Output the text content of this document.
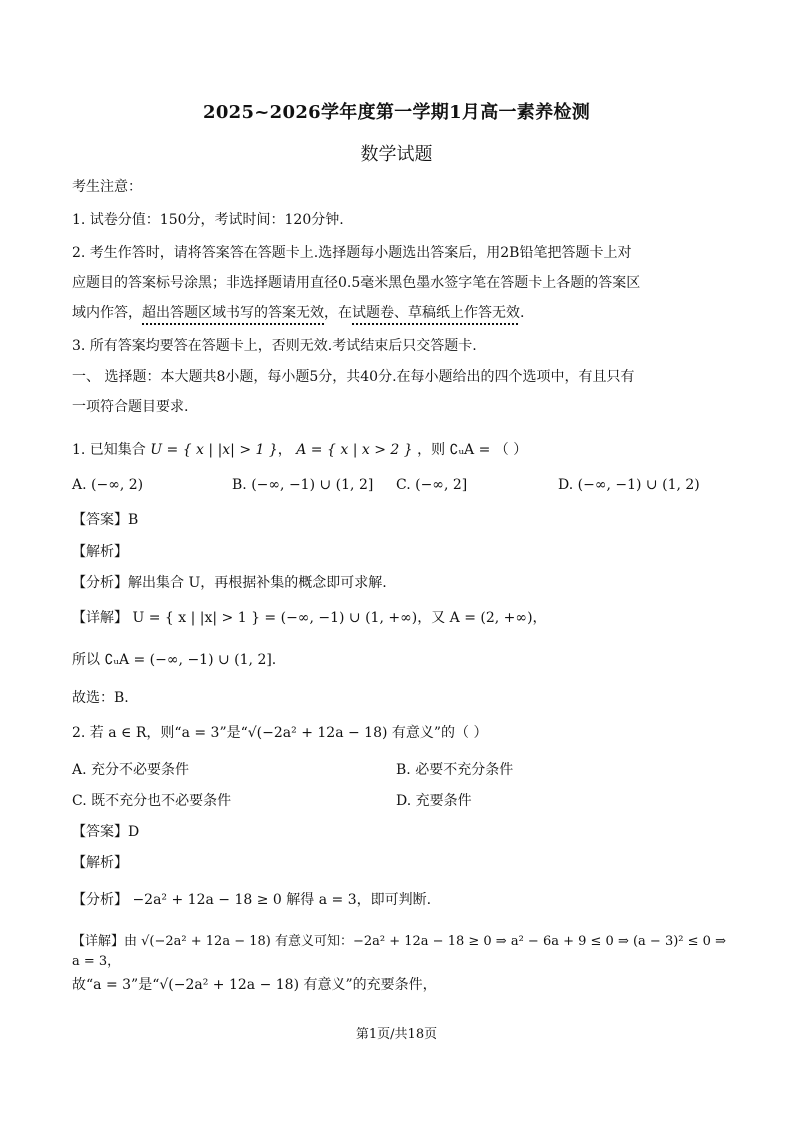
2025~2026学年度第一学期1月高一素养检测
数学试题
考生注意：
1. 试卷分值：150分，考试时间：120分钟.
2. 考生作答时，请将答案答在答题卡上.选择题每小题选出答案后，用2B铅笔把答题卡上对
应题目的答案标号涂黑；非选择题请用直径0.5毫米黑色墨水签字笔在答题卡上各题的答案区
域内作答，超出答题区域书写的答案无效，在试题卷、草稿纸上作答无效.
3. 所有答案均要答在答题卡上，否则无效.考试结束后只交答题卡.
一、 选择题：本大题共8小题，每小题5分，共40分.在每小题给出的四个选项中，有且只有
一项符合题目要求.
1. 已知集合 U = { x | |x| > 1 }， A = { x | x > 2 } ，则 ∁ᵤA = （ ）
A. (−∞, 2)	B. (−∞, −1) ∪ (1, 2] C. (−∞, 2]	D. (−∞, −1) ∪ (1, 2)
【答案】B
【解析】
【分析】解出集合 U，再根据补集的概念即可求解.
【详解】 U = { x | |x| > 1 } = (−∞, −1) ∪ (1, +∞)，又 A = (2, +∞)，
所以 ∁ᵤA = (−∞, −1) ∪ (1, 2].
故选：B.
2. 若 a ∈ R，则“a = 3”是“√(−2a² + 12a − 18) 有意义”的（ ）
A. 充分不必要条件	B. 必要不充分条件
C. 既不充分也不必要条件	D. 充要条件
【答案】D
【解析】
【分析】 −2a² + 12a − 18 ≥ 0 解得 a = 3，即可判断.
【详解】由 √(−2a² + 12a − 18) 有意义可知：−2a² + 12a − 18 ≥ 0 ⇒ a² − 6a + 9 ≤ 0 ⇒ (a − 3)² ≤ 0 ⇒ a = 3，
故“a = 3”是“√(−2a² + 12a − 18) 有意义”的充要条件，
第1页/共18页
